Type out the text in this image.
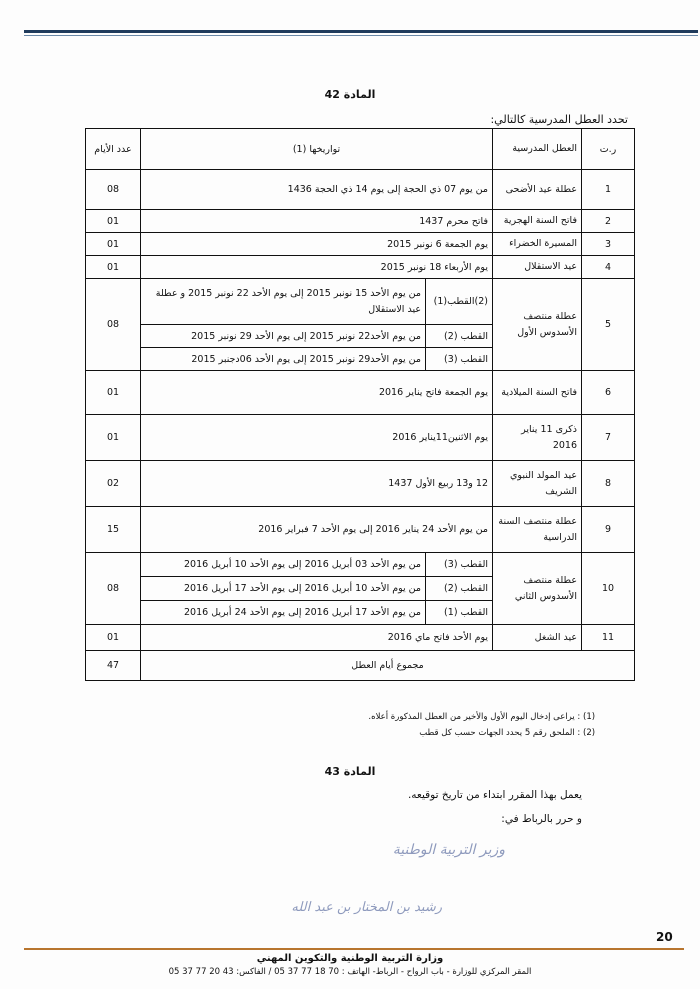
المادة 42
تحدد العطل المدرسية كالتالي:
ر.ت	العطل المدرسية	تواريخها (1)		عدد الأيام
1	عطلة عيد الأضحى	من يوم 07 ذي الحجة إلى يوم 14 ذي الحجة 1436		08
2	فاتح السنة الهجرية	فاتح محرم 1437		01
3	المسيرة الخضراء	يوم الجمعة 6 نونبر 2015		01
4	عيد الاستقلال	يوم الأربعاء 18 نونبر 2015		01
5	عطلة منتصف الأسدوس الأول	(2)القطب(1)	من يوم الأحد 15 نونبر 2015 إلى يوم الأحد 22 نونبر 2015 و عطلة عيد الاستقلال	08
		القطب (2)	من يوم الأحد22 نونبر 2015 إلى يوم الأحد 29 نونبر 2015	
		القطب (3)	من يوم الأحد29 نونبر 2015 إلى يوم الأحد 06دجنبر 2015	
6	فاتح السنة الميلادية	يوم الجمعة فاتح يناير 2016		01
7	ذكرى 11 يناير 2016	يوم الاثنين11يناير 2016		01
8	عيد المولد النبوي الشريف	12 و13 ربيع الأول 1437		02
9	عطلة منتصف السنة الدراسية	من يوم الأحد 24 يناير 2016 إلى يوم الأحد 7 فبراير 2016		15
10	عطلة منتصف الأسدوس الثاني	القطب (3)	من يوم الأحد 03 أبريل 2016 إلى يوم الأحد 10 أبريل 2016	08
		القطب (2)	من يوم الأحد 10 أبريل 2016 إلى يوم الأحد 17 أبريل 2016	
		القطب (1)	من يوم الأحد 17 أبريل 2016 إلى يوم الأحد 24 أبريل 2016	
11	عيد الشغل	يوم الأحد فاتح ماي 2016		01
مجموع أيام العطل				47
(1) : يراعى إدخال اليوم الأول والأخير من العطل المذكورة أعلاه.
(2) : الملحق رقم 5 يحدد الجهات حسب كل قطب
المادة 43
يعمل بهذا المقرر ابتداء من تاريخ توقيعه.
و حرر بالرباط في:
وزير التربية الوطنية
رشيد بن المختار بن عبد الله
20
وزارة التربية الوطنية والتكوين المهني
المقر المركزي للوزارة - باب الرواح - الرباط- الهاتف : 70 18 77 37 05 / الفاكس: 43 20 77 37 05
